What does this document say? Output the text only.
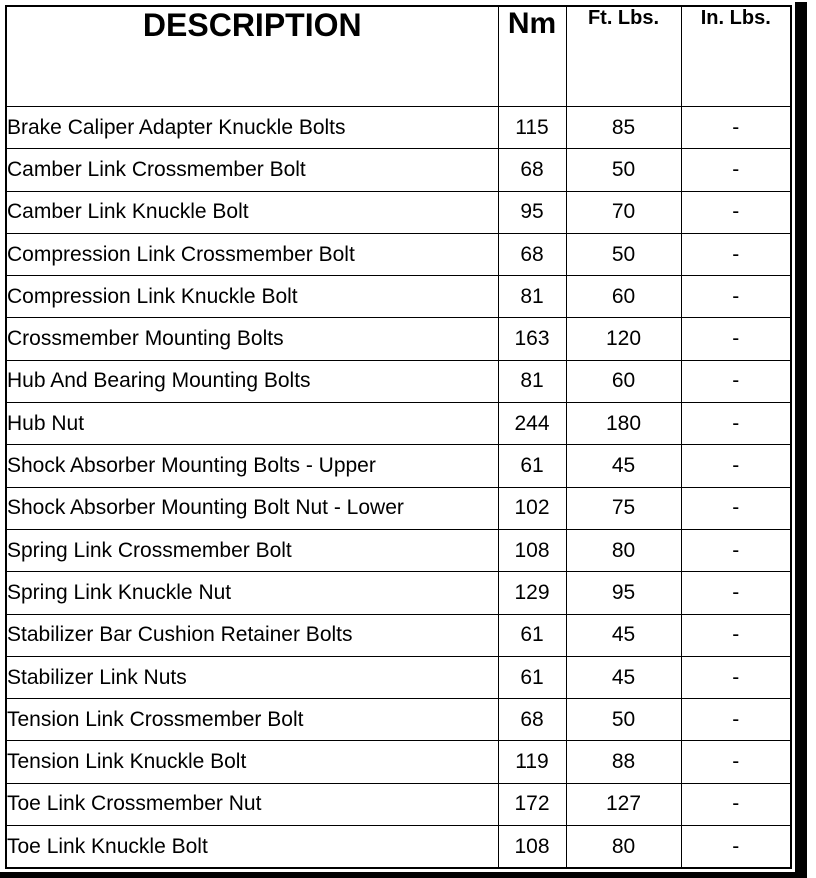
DESCRIPTION	Nm	Ft. Lbs.	In. Lbs.
Brake Caliper Adapter Knuckle Bolts	115	85	-
Camber Link Crossmember Bolt	68	50	-
Camber Link Knuckle Bolt	95	70	-
Compression Link Crossmember Bolt	68	50	-
Compression Link Knuckle Bolt	81	60	-
Crossmember Mounting Bolts	163	120	-
Hub And Bearing Mounting Bolts	81	60	-
Hub Nut	244	180	-
Shock Absorber Mounting Bolts - Upper	61	45	-
Shock Absorber Mounting Bolt Nut - Lower	102	75	-
Spring Link Crossmember Bolt	108	80	-
Spring Link Knuckle Nut	129	95	-
Stabilizer Bar Cushion Retainer Bolts	61	45	-
Stabilizer Link Nuts	61	45	-
Tension Link Crossmember Bolt	68	50	-
Tension Link Knuckle Bolt	119	88	-
Toe Link Crossmember Nut	172	127	-
Toe Link Knuckle Bolt	108	80	-
